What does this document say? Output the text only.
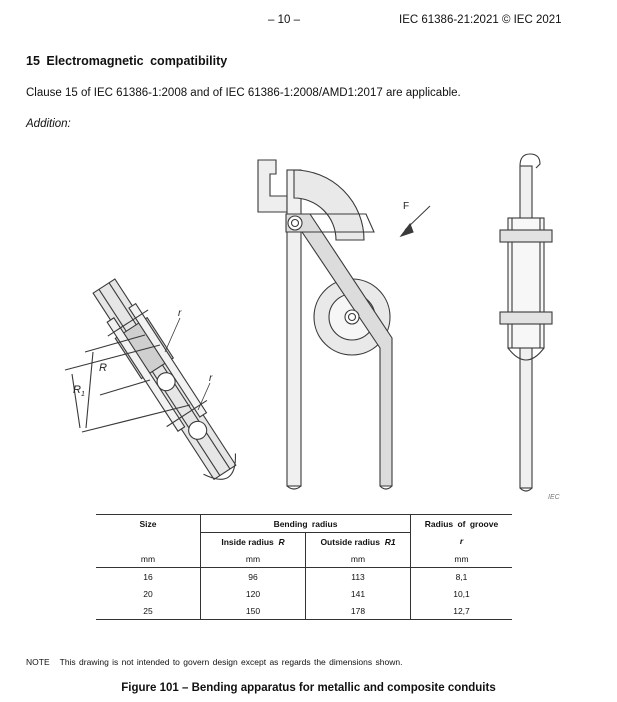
– 10 –	IEC 61386-21:2021 © IEC 2021
15 Electromagnetic compatibility
Clause 15 of IEC 61386-1:2008 and of IEC 61386-1:2008/AMD1:2017 are applicable.
Addition:
R
$R_1$
r
r
F
IEC
Size	Bending radius		Radius of groove
	Inside radius R	Outside radius R1	r
mm	mm	mm	mm
16	96	113	8,1
20	120	141	10,1
25	150	178	12,7
NOTE This drawing is not intended to govern design except as regards the dimensions shown.
Figure 101 – Bending apparatus for metallic and composite conduits
